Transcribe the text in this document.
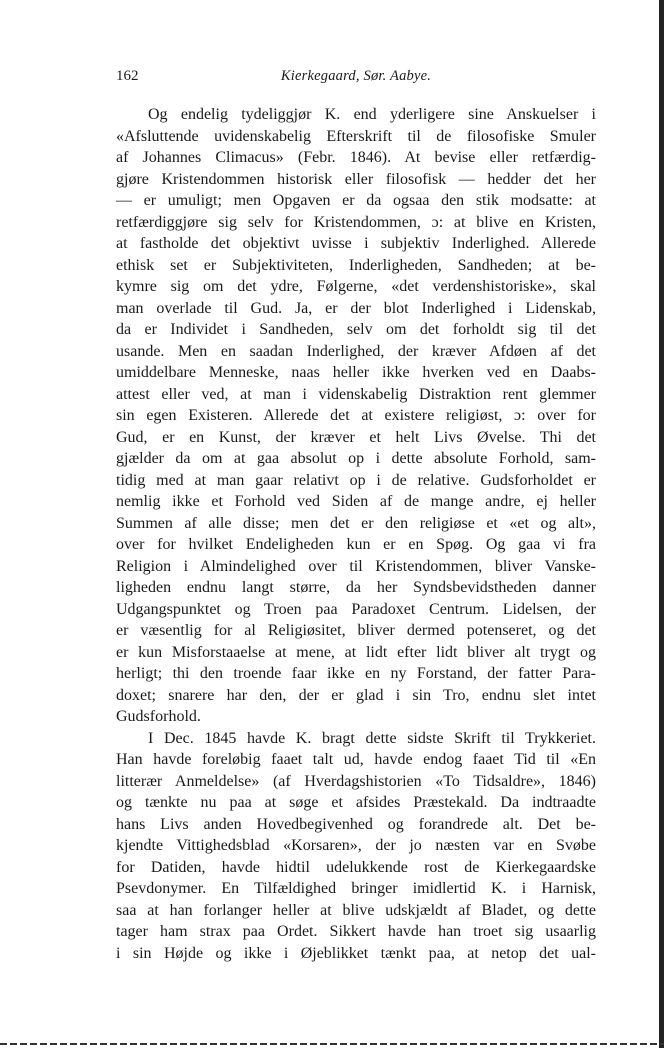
162	Kierkegaard, Sør. Aabye.
Og endelig tydeliggjør K. end yderligere sine Anskuelser i
«Afsluttende uvidenskabelig Efterskrift til de filosofiske Smuler
af Johannes Climacus» (Febr. 1846). At bevise eller retfærdig-
gjøre Kristendommen historisk eller filosofisk — hedder det her
— er umuligt; men Opgaven er da ogsaa den stik modsatte: at
retfærdiggjøre sig selv for Kristendommen, ɔ: at blive en Kristen,
at fastholde det objektivt uvisse i subjektiv Inderlighed. Allerede
ethisk set er Subjektiviteten, Inderligheden, Sandheden; at be-
kymre sig om det ydre, Følgerne, «det verdenshistoriske», skal
man overlade til Gud. Ja, er der blot Inderlighed i Lidenskab,
da er Individet i Sandheden, selv om det forholdt sig til det
usande. Men en saadan Inderlighed, der kræver Afdøen af det
umiddelbare Menneske, naas heller ikke hverken ved en Daabs-
attest eller ved, at man i videnskabelig Distraktion rent glemmer
sin egen Existeren. Allerede det at existere religiøst, ɔ: over for
Gud, er en Kunst, der kræver et helt Livs Øvelse. Thi det
gjælder da om at gaa absolut op i dette absolute Forhold, sam-
tidig med at man gaar relativt op i de relative. Gudsforholdet er
nemlig ikke et Forhold ved Siden af de mange andre, ej heller
Summen af alle disse; men det er den religiøse et «et og alt»,
over for hvilket Endeligheden kun er en Spøg. Og gaa vi fra
Religion i Almindelighed over til Kristendommen, bliver Vanske-
ligheden endnu langt større, da her Syndsbevidstheden danner
Udgangspunktet og Troen paa Paradoxet Centrum. Lidelsen, der
er væsentlig for al Religiøsitet, bliver dermed potenseret, og det
er kun Misforstaaelse at mene, at lidt efter lidt bliver alt trygt og
herligt; thi den troende faar ikke en ny Forstand, der fatter Para-
doxet; snarere har den, der er glad i sin Tro, endnu slet intet
Gudsforhold.
I Dec. 1845 havde K. bragt dette sidste Skrift til Trykkeriet.
Han havde foreløbig faaet talt ud, havde endog faaet Tid til «En
litterær Anmeldelse» (af Hverdagshistorien «To Tidsaldre», 1846)
og tænkte nu paa at søge et afsides Præstekald. Da indtraadte
hans Livs anden Hovedbegivenhed og forandrede alt. Det be-
kjendte Vittighedsblad «Korsaren», der jo næsten var en Svøbe
for Datiden, havde hidtil udelukkende rost de Kierkegaardske
Psevdonymer. En Tilfældighed bringer imidlertid K. i Harnisk,
saa at han forlanger heller at blive udskjældt af Bladet, og dette
tager ham strax paa Ordet. Sikkert havde han troet sig usaarlig
i sin Højde og ikke i Øjeblikket tænkt paa, at netop det ual-
